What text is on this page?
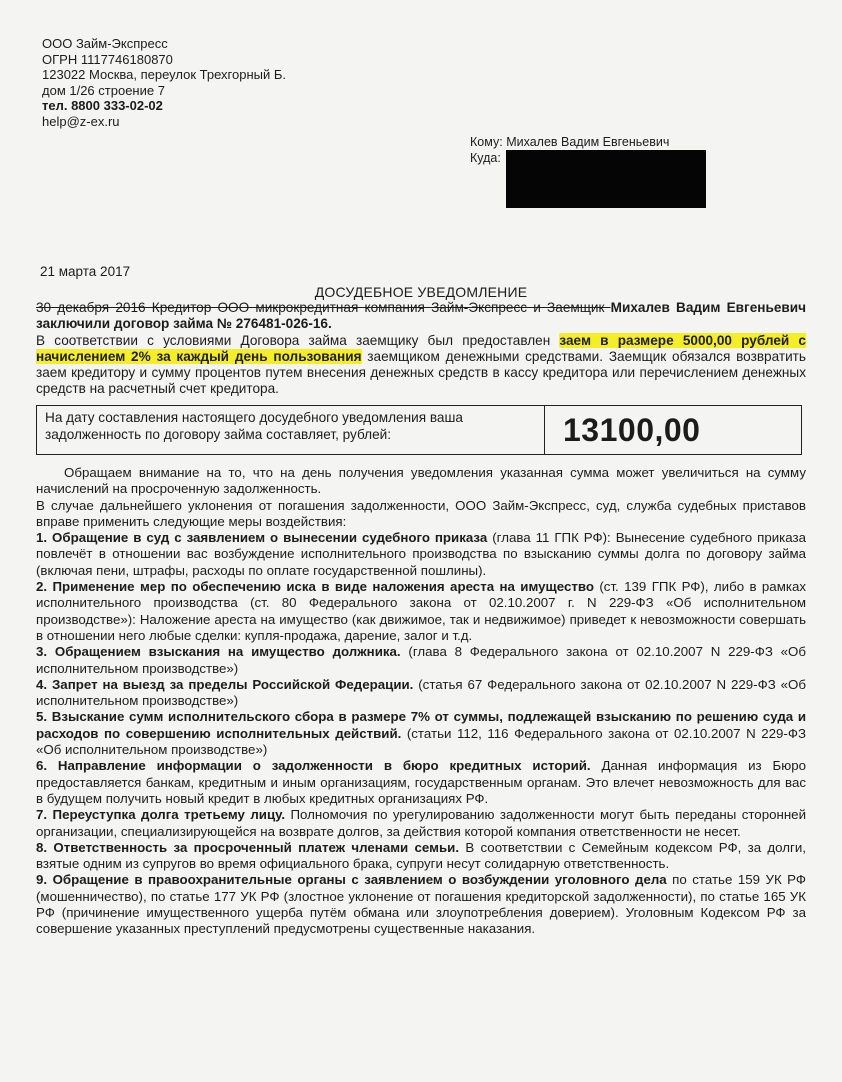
ООО Займ-Экспресс
ОГРН 1117746180870
123022 Москва, переулок Трехгорный Б.
дом 1/26 строение 7
тел. 8800 333-02-02
help@z-ex.ru
Кому: Михалев Вадим Евгеньевич
Куда:
21 марта 2017
ДОСУДЕБНОЕ УВЕДОМЛЕНИЕ

30 декабря 2016 Кредитор ООО микрокредитная компания Займ-Экспресс и Заемщик Михалев Вадим Евгеньевич заключили договор займа № 276481-026-16.

В соответствии с условиями Договора займа заемщику был предоставлен заем в размере 5000,00 рублей с начислением 2% за каждый день пользования заемщиком денежными средствами. Заемщик обязался возвратить заем кредитору и сумму процентов путем внесения денежных средств в кассу кредитора или перечислением денежных средств на расчетный счет кредитора.

На дату составления настоящего досудебного уведомления ваша задолженность по договору займа составляет, рублей:	13100,00

Обращаем внимание на то, что на день получения уведомления указанная сумма может увеличиться на сумму начислений на просроченную задолженность.

В случае дальнейшего уклонения от погашения задолженности, ООО Займ-Экспресс, суд, служба судебных приставов вправе применить следующие меры воздействия:

1. Обращение в суд с заявлением о вынесении судебного приказа (глава 11 ГПК РФ): Вынесение судебного приказа повлечёт в отношении вас возбуждение исполнительного производства по взысканию суммы долга по договору займа (включая пени, штрафы, расходы по оплате государственной пошлины).

2. Применение мер по обеспечению иска в виде наложения ареста на имущество (ст. 139 ГПК РФ), либо в рамках исполнительного производства (ст. 80 Федерального закона от 02.10.2007 г. N 229-ФЗ «Об исполнительном производстве»): Наложение ареста на имущество (как движимое, так и недвижимое) приведет к невозможности совершать в отношении него любые сделки: купля-продажа, дарение, залог и т.д.

3. Обращением взыскания на имущество должника. (глава 8 Федерального закона от 02.10.2007 N 229-ФЗ «Об исполнительном производстве»)

4. Запрет на выезд за пределы Российской Федерации. (статья 67 Федерального закона от 02.10.2007 N 229-ФЗ «Об исполнительном производстве»)

5. Взыскание сумм исполнительского сбора в размере 7% от суммы, подлежащей взысканию по решению суда и расходов по совершению исполнительных действий. (статьи 112, 116 Федерального закона от 02.10.2007 N 229-ФЗ «Об исполнительном производстве»)

6. Направление информации о задолженности в бюро кредитных историй. Данная информация из Бюро предоставляется банкам, кредитным и иным организациям, государственным органам. Это влечет невозможность для вас в будущем получить новый кредит в любых кредитных организациях РФ.

7. Переуступка долга третьему лицу. Полномочия по урегулированию задолженности могут быть переданы сторонней организации, специализирующейся на возврате долгов, за действия которой компания ответственности не несет.

8. Ответственность за просроченный платеж членами семьи. В соответствии с Семейным кодексом РФ, за долги, взятые одним из супругов во время официального брака, супруги несут солидарную ответственность.

9. Обращение в правоохранительные органы с заявлением о возбуждении уголовного дела по статье 159 УК РФ (мошенничество), по статье 177 УК РФ (злостное уклонение от погашения кредиторской задолженности), по статье 165 УК РФ (причинение имущественного ущерба путём обмана или злоупотребления доверием). Уголовным Кодексом РФ за совершение указанных преступлений предусмотрены существенные наказания.
